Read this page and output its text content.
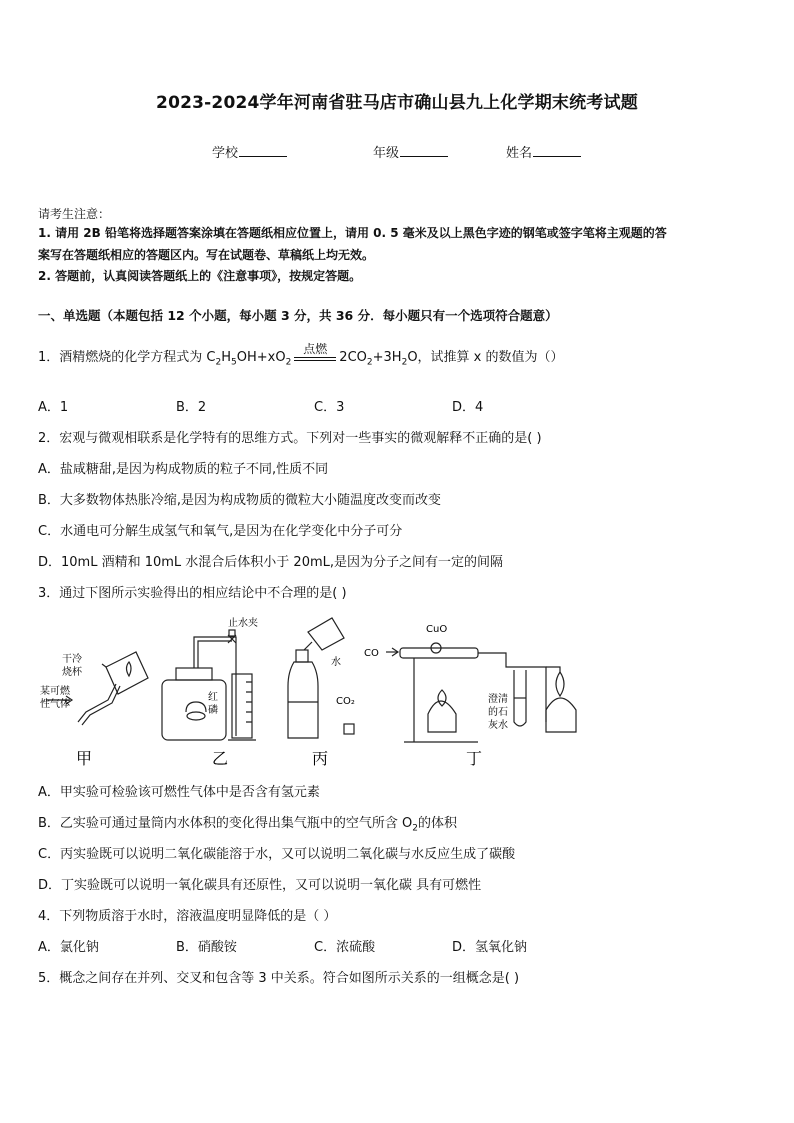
2023-2024学年河南省驻马店市确山县九上化学期末统考试题
学校	年级	姓名
请考生注意：
1. 请用 2B 铅笔将选择题答案涂填在答题纸相应位置上，请用 0. 5 毫米及以上黑色字迹的钢笔或签字笔将主观题的答
案写在答题纸相应的答题区内。写在试题卷、草稿纸上均无效。
2. 答题前，认真阅读答题纸上的《注意事项》，按规定答题。
一、单选题（本题包括 12 个小题，每小题 3 分，共 36 分．每小题只有一个选项符合题意）
1．酒精燃烧的化学方程式为 $C_2H_5OH+xO_2$
点燃
$2CO_2+3H_2O$，试推算 x 的数值为（）
A．1	B．2	C．3	D．4
2．宏观与微观相联系是化学特有的思维方式。下列对一些事实的微观解释不正确的是( )
A．盐咸糖甜,是因为构成物质的粒子不同,性质不同
B．大多数物体热胀冷缩,是因为构成物质的微粒大小随温度改变而改变
C．水通电可分解生成氢气和氧气,是因为在化学变化中分子可分
D．10mL 酒精和 10mL 水混合后体积小于 20mL,是因为分子之间有一定的间隔
3．通过下图所示实验得出的相应结论中不合理的是( )
干冷
烧杯
某可燃
性气体
止水夹
红
磷
水
CO₂
CO
CuO
澄清
的石
灰水
甲	乙	丙	丁
A．甲实验可检验该可燃性气体中是否含有氢元素
B．乙实验可通过量筒内水体积的变化得出集气瓶中的空气所含 $O_2$的体积
C．丙实验既可以说明二氧化碳能溶于水，又可以说明二氧化碳与水反应生成了碳酸
D．丁实验既可以说明一氧化碳具有还原性，又可以说明一氧化碳 具有可燃性
4．下列物质溶于水时，溶液温度明显降低的是（ ）
A．氯化钠	B．硝酸铵	C．浓硫酸	D．氢氧化钠
5．概念之间存在并列、交叉和包含等 3 中关系。符合如图所示关系的一组概念是( )
